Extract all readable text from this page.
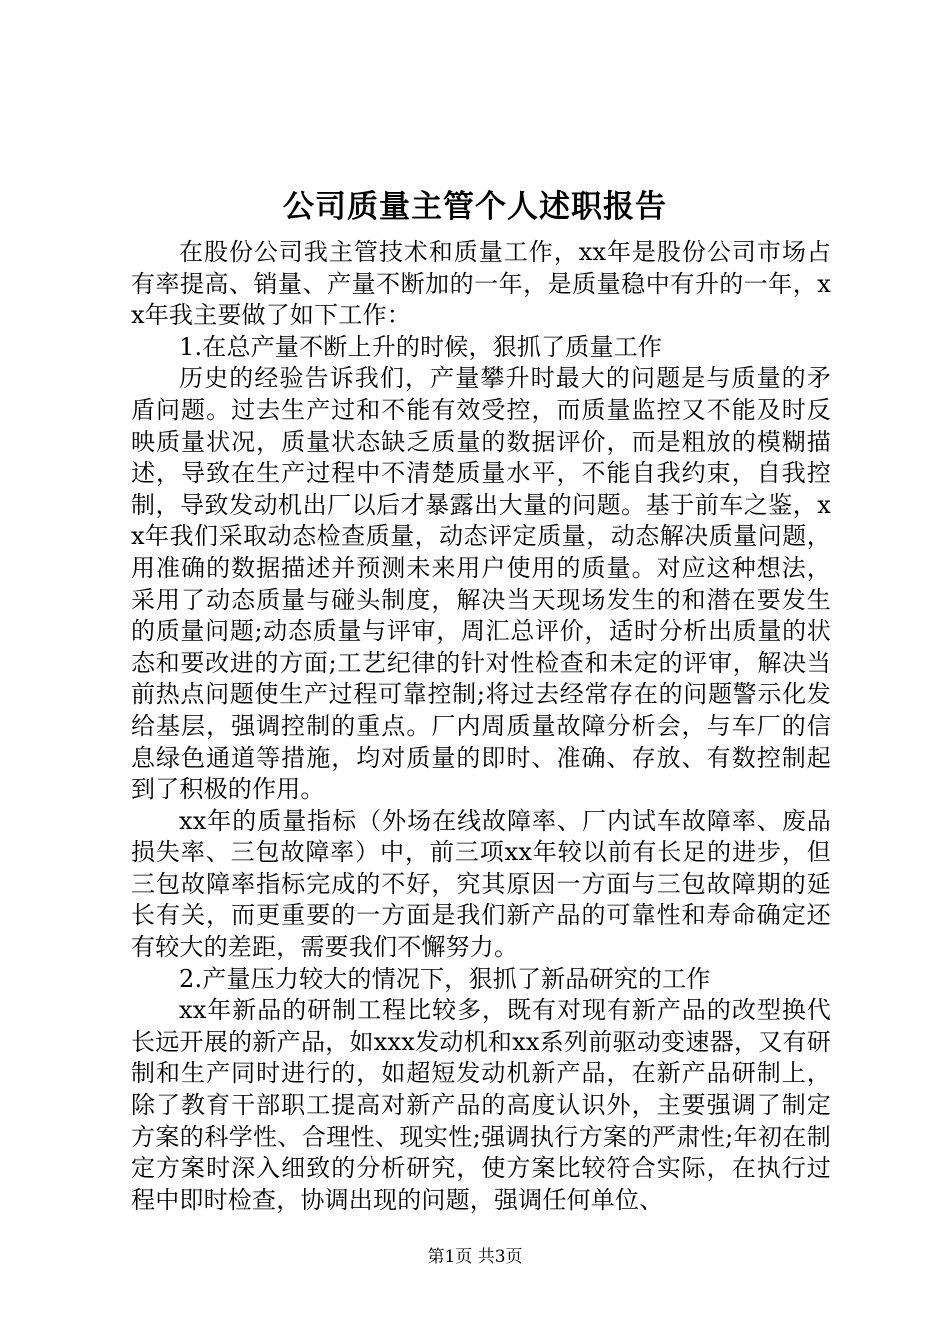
公司质量主管个人述职报告

在股份公司我主管技术和质量工作，xx年是股份公司市场占有率提高、销量、产量不断加的一年，是质量稳中有升的一年，xx年我主要做了如下工作：

1.在总产量不断上升的时候，狠抓了质量工作

历史的经验告诉我们，产量攀升时最大的问题是与质量的矛盾问题。过去生产过和不能有效受控，而质量监控又不能及时反映质量状况，质量状态缺乏质量的数据评价，而是粗放的模糊描述，导致在生产过程中不清楚质量水平，不能自我约束，自我控制，导致发动机出厂以后才暴露出大量的问题。基于前车之鉴，xx年我们采取动态检查质量，动态评定质量，动态解决质量问题，用准确的数据描述并预测未来用户使用的质量。对应这种想法，采用了动态质量与碰头制度，解决当天现场发生的和潜在要发生的质量问题;动态质量与评审，周汇总评价，适时分析出质量的状态和要改进的方面;工艺纪律的针对性检查和未定的评审，解决当前热点问题使生产过程可靠控制;将过去经常存在的问题警示化发给基层，强调控制的重点。厂内周质量故障分析会，与车厂的信息绿色通道等措施，均对质量的即时、准确、存放、有数控制起到了积极的作用。

xx年的质量指标（外场在线故障率、厂内试车故障率、废品损失率、三包故障率）中，前三项xx年较以前有长足的进步，但三包故障率指标完成的不好，究其原因一方面与三包故障期的延长有关，而更重要的一方面是我们新产品的可靠性和寿命确定还有较大的差距，需要我们不懈努力。

2.产量压力较大的情况下，狠抓了新品研究的工作

xx年新品的研制工程比较多，既有对现有新产品的改型换代长远开展的新产品，如xxx发动机和xx系列前驱动变速器，又有研制和生产同时进行的，如超短发动机新产品，在新产品研制上，除了教育干部职工提高对新产品的高度认识外，主要强调了制定方案的科学性、合理性、现实性;强调执行方案的严肃性;年初在制定方案时深入细致的分析研究，使方案比较符合实际，在执行过程中即时检查，协调出现的问题，强调任何单位、

第1页 共3页
